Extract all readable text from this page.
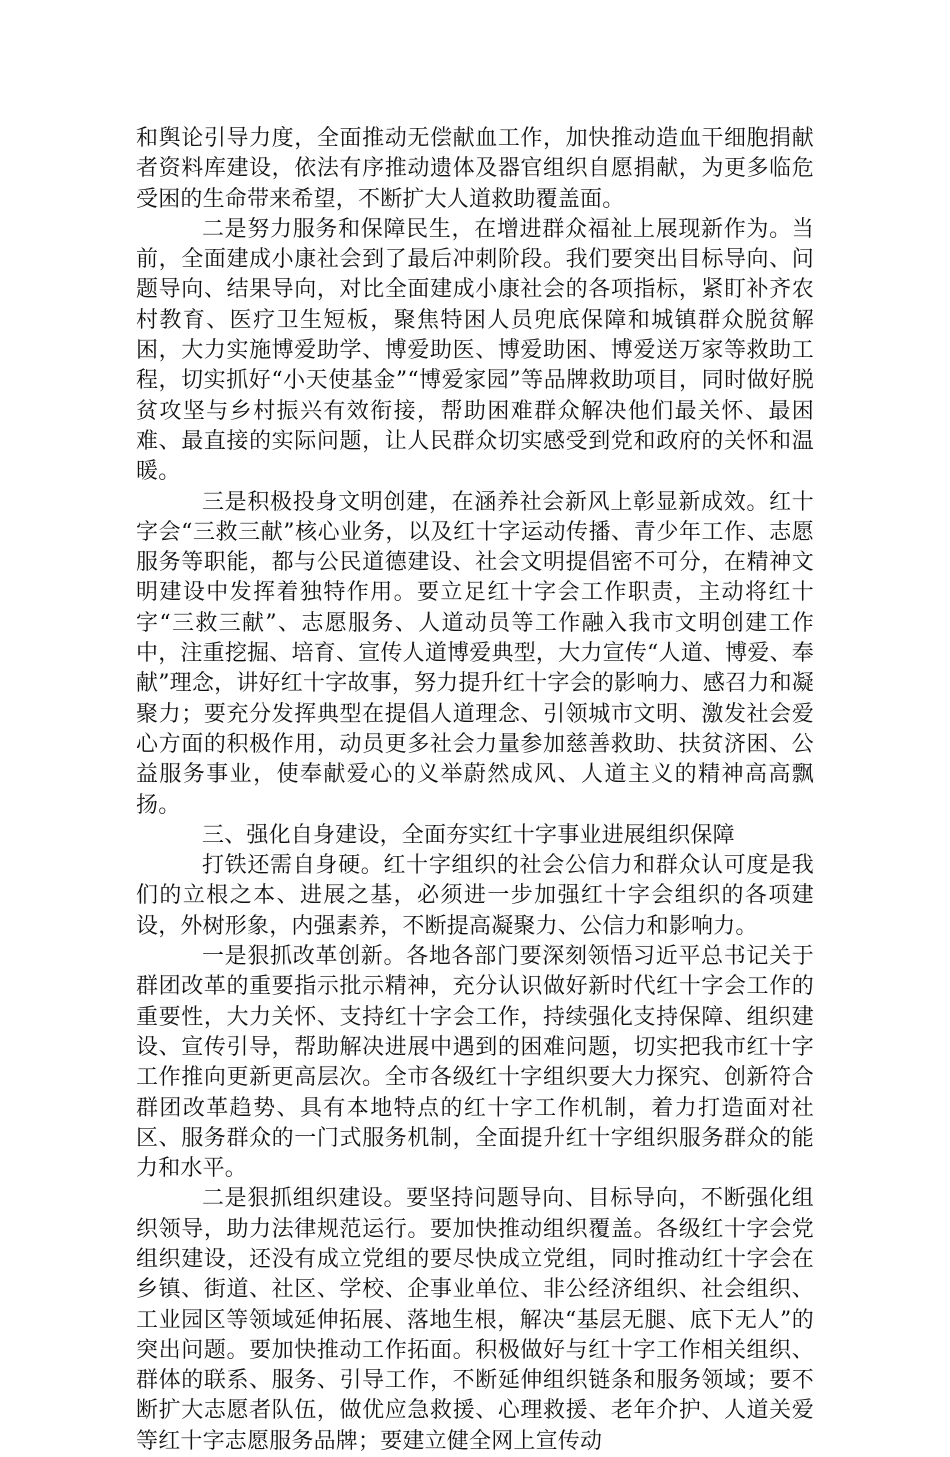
和舆论引导力度，全面推动无偿献血工作，加快推动造血干细胞捐献者资料库建设，依法有序推动遗体及器官组织自愿捐献，为更多临危受困的生命带来希望，不断扩大人道救助覆盖面。

二是努力服务和保障民生，在增进群众福祉上展现新作为。当前，全面建成小康社会到了最后冲刺阶段。我们要突出目标导向、问题导向、结果导向，对比全面建成小康社会的各项指标，紧盯补齐农村教育、医疗卫生短板，聚焦特困人员兜底保障和城镇群众脱贫解困，大力实施博爱助学、博爱助医、博爱助困、博爱送万家等救助工程，切实抓好“小天使基金”“博爱家园”等品牌救助项目，同时做好脱贫攻坚与乡村振兴有效衔接，帮助困难群众解决他们最关怀、最困难、最直接的实际问题，让人民群众切实感受到党和政府的关怀和温暖。

三是积极投身文明创建，在涵养社会新风上彰显新成效。红十字会“三救三献”核心业务，以及红十字运动传播、青少年工作、志愿服务等职能，都与公民道德建设、社会文明提倡密不可分，在精神文明建设中发挥着独特作用。要立足红十字会工作职责，主动将红十字“三救三献”、志愿服务、人道动员等工作融入我市文明创建工作中，注重挖掘、培育、宣传人道博爱典型，大力宣传“人道、博爱、奉献”理念，讲好红十字故事，努力提升红十字会的影响力、感召力和凝聚力；要充分发挥典型在提倡人道理念、引领城市文明、激发社会爱心方面的积极作用，动员更多社会力量参加慈善救助、扶贫济困、公益服务事业，使奉献爱心的义举蔚然成风、人道主义的精神高高飘扬。

三、强化自身建设，全面夯实红十字事业进展组织保障

打铁还需自身硬。红十字组织的社会公信力和群众认可度是我们的立根之本、进展之基，必须进一步加强红十字会组织的各项建设，外树形象，内强素养，不断提高凝聚力、公信力和影响力。

一是狠抓改革创新。各地各部门要深刻领悟习近平总书记关于群团改革的重要指示批示精神，充分认识做好新时代红十字会工作的重要性，大力关怀、支持红十字会工作，持续强化支持保障、组织建设、宣传引导，帮助解决进展中遇到的困难问题，切实把我市红十字工作推向更新更高层次。全市各级红十字组织要大力探究、创新符合群团改革趋势、具有本地特点的红十字工作机制，着力打造面对社区、服务群众的一门式服务机制，全面提升红十字组织服务群众的能力和水平。

二是狠抓组织建设。要坚持问题导向、目标导向，不断强化组织领导，助力法律规范运行。要加快推动组织覆盖。各级红十字会党组织建设，还没有成立党组的要尽快成立党组，同时推动红十字会在乡镇、街道、社区、学校、企事业单位、非公经济组织、社会组织、工业园区等领域延伸拓展、落地生根，解决“基层无腿、底下无人”的突出问题。要加快推动工作拓面。积极做好与红十字工作相关组织、群体的联系、服务、引导工作，不断延伸组织链条和服务领域；要不断扩大志愿者队伍，做优应急救援、心理救援、老年介护、人道关爱等红十字志愿服务品牌；要建立健全网上宣传动
